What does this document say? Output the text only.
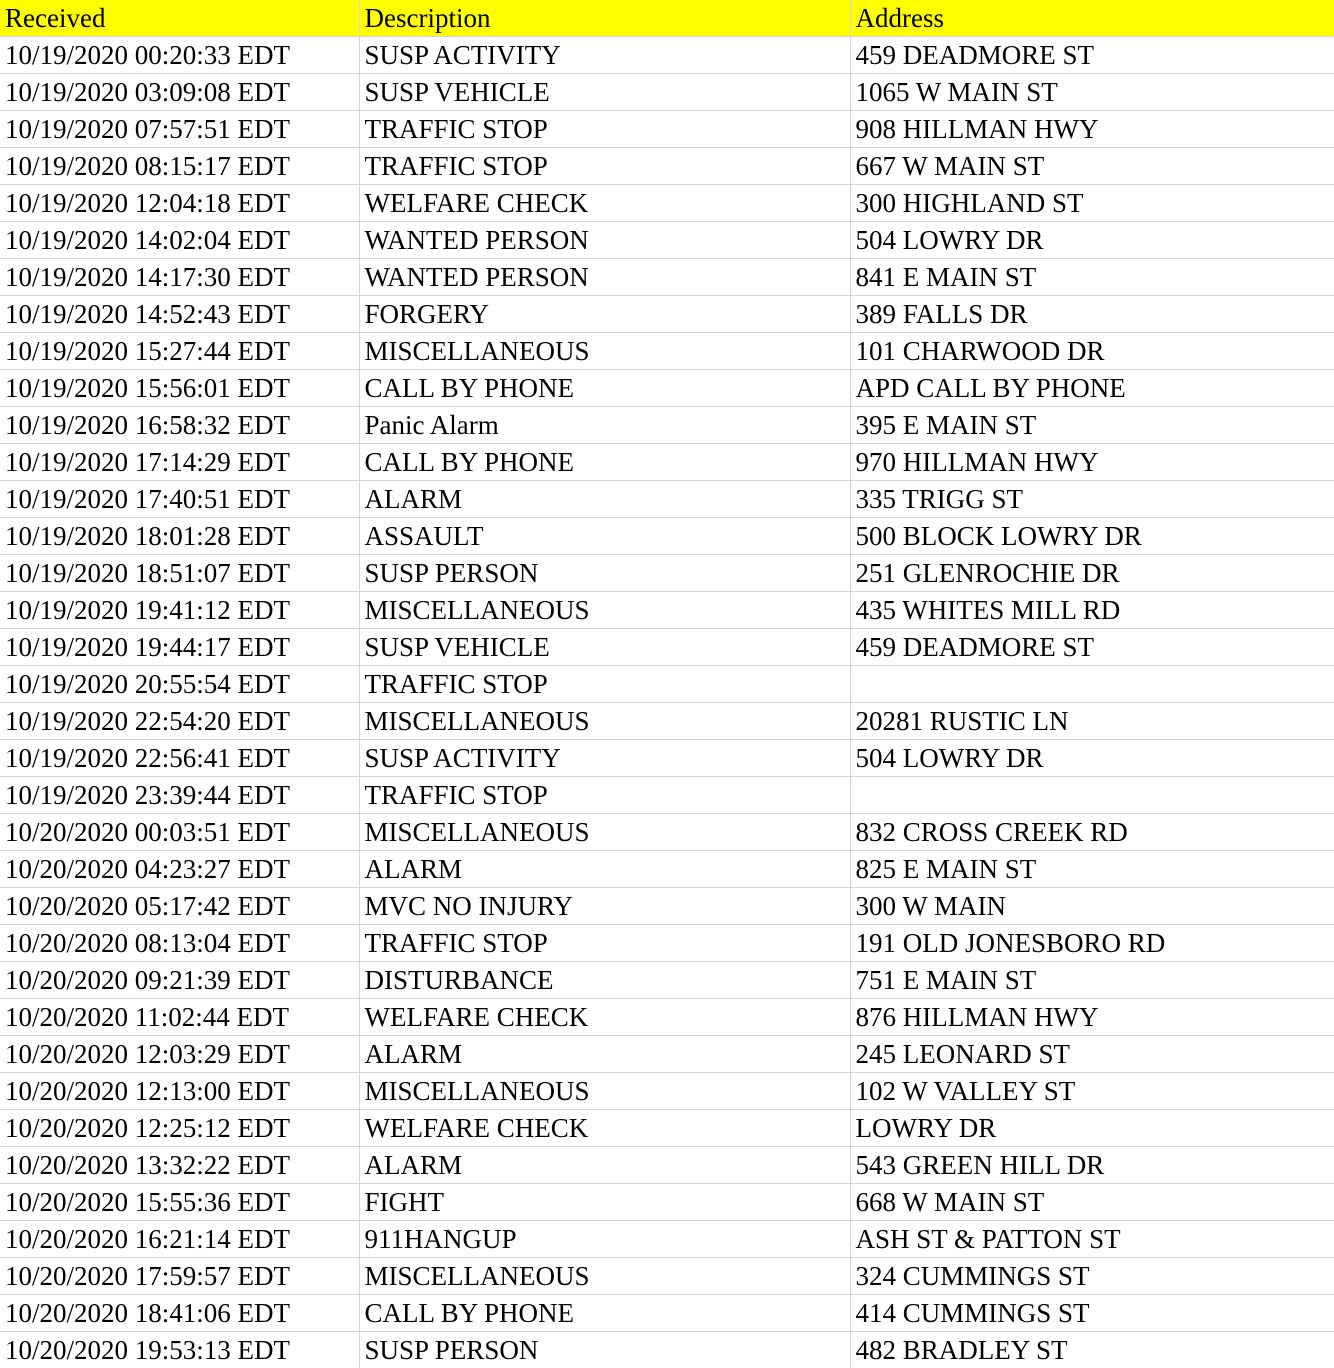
Received	Description	Address
10/19/2020 00:20:33 EDT	SUSP ACTIVITY	459 DEADMORE ST
10/19/2020 03:09:08 EDT	SUSP VEHICLE	1065 W MAIN ST
10/19/2020 07:57:51 EDT	TRAFFIC STOP	908 HILLMAN HWY
10/19/2020 08:15:17 EDT	TRAFFIC STOP	667 W MAIN ST
10/19/2020 12:04:18 EDT	WELFARE CHECK	300 HIGHLAND ST
10/19/2020 14:02:04 EDT	WANTED PERSON	504 LOWRY DR
10/19/2020 14:17:30 EDT	WANTED PERSON	841 E MAIN ST
10/19/2020 14:52:43 EDT	FORGERY	389 FALLS DR
10/19/2020 15:27:44 EDT	MISCELLANEOUS	101 CHARWOOD DR
10/19/2020 15:56:01 EDT	CALL BY PHONE	APD CALL BY PHONE
10/19/2020 16:58:32 EDT	Panic Alarm	395 E MAIN ST
10/19/2020 17:14:29 EDT	CALL BY PHONE	970 HILLMAN HWY
10/19/2020 17:40:51 EDT	ALARM	335 TRIGG ST
10/19/2020 18:01:28 EDT	ASSAULT	500 BLOCK LOWRY DR
10/19/2020 18:51:07 EDT	SUSP PERSON	251 GLENROCHIE DR
10/19/2020 19:41:12 EDT	MISCELLANEOUS	435 WHITES MILL RD
10/19/2020 19:44:17 EDT	SUSP VEHICLE	459 DEADMORE ST
10/19/2020 20:55:54 EDT	TRAFFIC STOP	
10/19/2020 22:54:20 EDT	MISCELLANEOUS	20281 RUSTIC LN
10/19/2020 22:56:41 EDT	SUSP ACTIVITY	504 LOWRY DR
10/19/2020 23:39:44 EDT	TRAFFIC STOP	
10/20/2020 00:03:51 EDT	MISCELLANEOUS	832 CROSS CREEK RD
10/20/2020 04:23:27 EDT	ALARM	825 E MAIN ST
10/20/2020 05:17:42 EDT	MVC NO INJURY	300 W MAIN
10/20/2020 08:13:04 EDT	TRAFFIC STOP	191 OLD JONESBORO RD
10/20/2020 09:21:39 EDT	DISTURBANCE	751 E MAIN ST
10/20/2020 11:02:44 EDT	WELFARE CHECK	876 HILLMAN HWY
10/20/2020 12:03:29 EDT	ALARM	245 LEONARD ST
10/20/2020 12:13:00 EDT	MISCELLANEOUS	102 W VALLEY ST
10/20/2020 12:25:12 EDT	WELFARE CHECK	LOWRY DR
10/20/2020 13:32:22 EDT	ALARM	543 GREEN HILL DR
10/20/2020 15:55:36 EDT	FIGHT	668 W MAIN ST
10/20/2020 16:21:14 EDT	911HANGUP	ASH ST & PATTON ST
10/20/2020 17:59:57 EDT	MISCELLANEOUS	324 CUMMINGS ST
10/20/2020 18:41:06 EDT	CALL BY PHONE	414 CUMMINGS ST
10/20/2020 19:53:13 EDT	SUSP PERSON	482 BRADLEY ST
